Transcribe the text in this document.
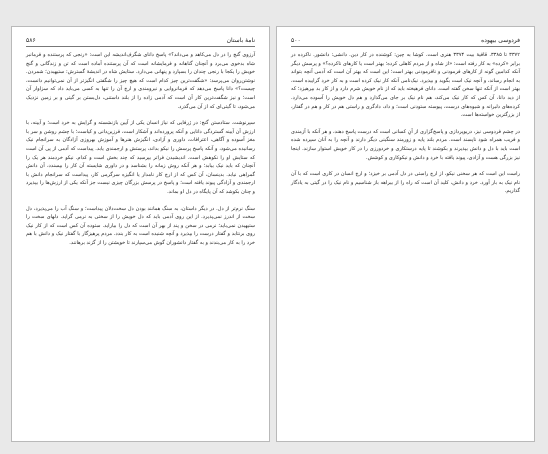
نامهٔ باستان
۵۸۶

آرزوی گنج را در دل می‌کاهد و می‌داند؟» پاسخ دانای شگرف‌اندیشه این است: «رنجی که پرستنده و فرمانبر شاه بدخوی می‌برد و آنچنان گناهانه و فرمایشانه است که آن پرستنده آماده است که تن و زندگانی و گنج خویش را یکجا با رنجی چندان را بسپارد و پنهانی می‌دارد. ستایش شاه در اندیشهٔ گسترش: ستیهیدن؛ شمردن. نوشتن‌روان می‌پرسد: «شگفت‌ترین چیز کدام است که هیچ چیز را شگفتی انگیزتر از آن نمی‌توانیم دانست، چیست؟» دانا پاسخ می‌دهد که فرمانروایی و نیرومندی و ارج آن را تنها به کسی می‌باید داد که سزاوار آن است؛ و نیز شگفت‌ترین کار آن است که آدمی زاده را از بلند داستنی، دل‌بستن بر گیتی و بر زمین نزدیک می‌شود، تا گیتی‌ای که از آن می‌گذرد.

سپرنوشت. ستادستن گنج: در ژرفایی که نیاز انسان یکی از آیین بازنشسته و گرایش به خرد است؛ و آیینه، با ارزش آن آیینه گستردگی دانایی و آنکه پرورده‌اند و آشکار است، فرزین‌دانی و کیاست؛ با چشم روشن و سر با مغز آسوده و آگاهی، اعترافات، داوری و آزادی، انگیزش هنرها و آموزش بهروزی آزادگان به سرانجام نیک رسانیده می‌شود، و آنکه پاسخ پرسش را نیکو بداند، پرستش و ارجمندی یابد. پیداست که آدمی از پی آن است که ستایش او را نکوهش است. اندیشیدن فراتر بپرسید که چند بخش است و کدام. نیکو خردمند هر یک را آنچنان که باید نیک بیابد؛ و هر آنکه روش زمانه را بشناسد و در داوری شایسته آن کار را بپسندد، آن دانش گمراهی نیابد. بدینسان، آن کس که از ارج کار نامدار یا انگیزه سرگرمی کار، پیداست که سرانجام دانش با ارجمندی و آزادگی پیوند یافته است؛ و پاسخ در پرسش بزرگان چیزی نیست جز آنکه یکی از ارزش‌ها را بپذیرد و چنان بکوشد که آن پایگاه در دل او بماند.

سنگ نرم‌تر از دل. در دیگر داستان، به سنگ همانند بودن دل سخت‌دلان پیداست؛ و سنگ آب را می‌پذیرد، دل سخت از اندرز نمی‌پذیرد. از این روی آدمی باید که دل خویش را از سختی به نرمی گراید. دلهای سخت را ستیهیدن نمی‌باید؛ نرمی در سخن و پند از بهر آن است که دل را بیاراید. ستوده آن کس است که از کار نیک روی برنتابد و گفتار درست را بپذیرد و آنچه شنیده است به کار بندد. مردم پرهیزگار با گفتار نیک و دانش با هم خرد را به کار می‌بندند و به گفتار دانشوران گوش می‌سپارند تا خویشتن را از گزند برهانند.

فردوسی بیهوده
۵۰۰

۳۳۷۲ تا ۳۳۸۵. قافیهٔ بیت ۳۳۷۴ هنری است. کوشا به چین: کوشنده در کار دین. دانشی: دانشور. ناکرده در برابر «کرده» به کار رفته است: «از شاه و از مردم کاهلی کرده؛ بهتر است یا کارهای ناکرده؟» و پرسش دیگر آنکه کدامین گونه از کارهای فرمودنی و نافرمودنی بهتر است؛ این است که بهتر آن است که آدمی آنچه بتواند به انجام رساند، و آنچه نیک است بگوید و بپذیرد. نیک‌نامی آنکه کار نیک کرده است و به کار خرد گراییده است، بهتر است از آنکه تنها سخن گفته است. دانای فرهیخته باید که از نام خویش شرم دارد و از کار بد بپرهیزد؛ که از دید دانا، آن کس که کار نیک می‌کند، هم نام نیک بر جای می‌گذارد و هم دل خویش را آسوده می‌دارد. کرده‌های دلیرانه و شیوه‌های درست، پیوسته ستودنی است؛ و داد، دادگری و راستی هم در کار و هم در گفتار، از بزرگترین خواسته‌ها است.

در چشم فردوسی نیز، دریوپردازی و پاسخ‌گزاری از آنِ کسانی است که درست پاسخ دهند، و هر آنکه با آزمندی و فریب همراه شود ناپسند است. مردم بلند پایه و زورمند سنگینی دیگر دارند و آنچه را به آنان سپرده شده است باید با دل و دانش بپذیرند و بکوشند تا پایه درستکاری و خردورزی را در کار خویش استوار سازند. اینجا نیز بزرگی هست و آزادی، پیوند یافته با خرد و دانش و نیکوکاری و کوشش.

راست این است که هر سخنی نیکو، از ارج راستی در دل آدمی بر خیزد؛ و ارج انسان در کاری است که با آن نام نیک به بار آورد. خرد و دانش، کلید آن است که راه را از بیراهه باز شناسیم و نام نیک را در گیتی به یادگار گذاریم.
